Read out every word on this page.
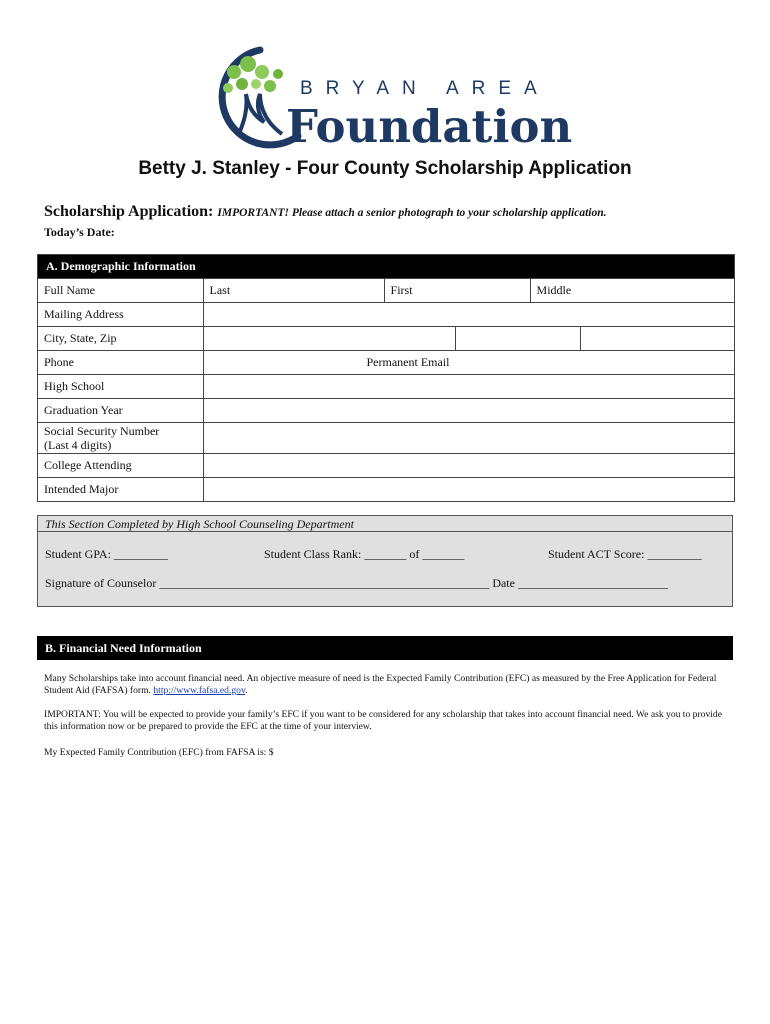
BRYAN AREA
Foundation
Betty J. Stanley - Four County Scholarship Application
Scholarship Application: IMPORTANT! Please attach a senior photograph to your scholarship application.
Today’s Date:
A. Demographic Information
Full Name	Last	First		Middle	
Mailing Address					
City, State, Zip					
Phone	Permanent Email				

High School					
Graduation Year					

Social Security Number
(Last 4 digits)					

College Attending					
Intended Major					
This Section Completed by High School Counseling Department
Student GPA: _________	Student Class Rank: _______ of _______	Student ACT Score: _________
Signature of Counselor _______________________________________________________ Date _________________________
B. Financial Need Information
Many Scholarships take into account financial need. An objective measure of need is the Expected Family Contribution (EFC) as measured by the Free Application for Federal Student Aid (FAFSA) form. http://www.fafsa.ed.gov.
IMPORTANT: You will be expected to provide your family’s EFC if you want to be considered for any scholarship that takes into account financial need. We ask you to provide this information now or be prepared to provide the EFC at the time of your interview.
My Expected Family Contribution (EFC) from FAFSA is: $
